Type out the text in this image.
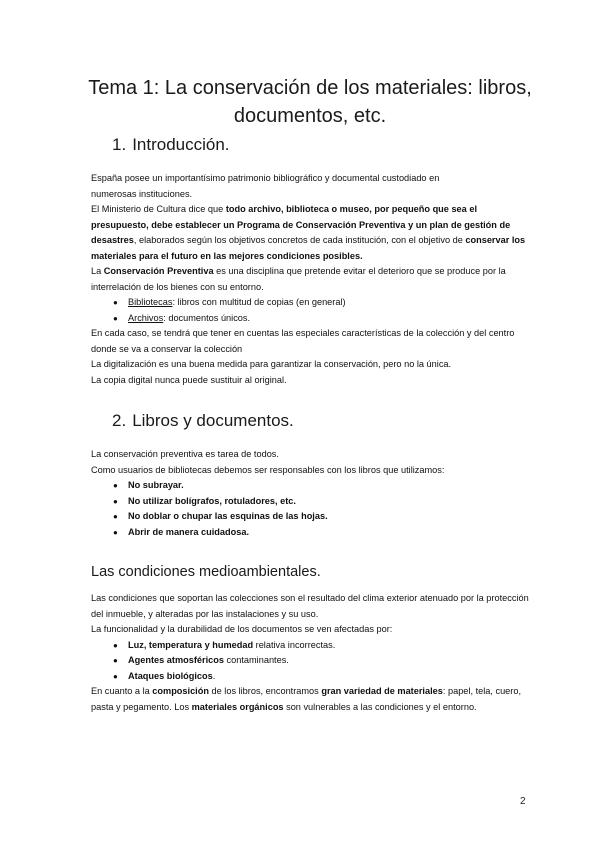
Tema 1: La conservación de los materiales: libros,
documentos, etc.
1. Introducción.

España posee un importantísimo patrimonio bibliográfico y documental custodiado en
numerosas instituciones.

El Ministerio de Cultura dice que todo archivo, biblioteca o museo, por pequeño que sea el presupuesto, debe establecer un Programa de Conservación Preventiva y un plan de gestión de desastres, elaborados según los objetivos concretos de cada institución, con el objetivo de conservar los materiales para el futuro en las mejores condiciones posibles.

La Conservación Preventiva es una disciplina que pretende evitar el deterioro que se produce por la interrelación de los bienes con su entorno.

● Bibliotecas: libros con multitud de copias (en general)
● Archivos: documentos únicos.

En cada caso, se tendrá que tener en cuentas las especiales características de la colección y del centro donde se va a conservar la colección

La digitalización es una buena medida para garantizar la conservación, pero no la única.

La copia digital nunca puede sustituir al original.

2. Libros y documentos.

La conservación preventiva es tarea de todos.

Como usuarios de bibliotecas debemos ser responsables con los libros que utilizamos:

● No subrayar.
● No utilizar bolígrafos, rotuladores, etc.
● No doblar o chupar las esquinas de las hojas.
● Abrir de manera cuidadosa.
Las condiciones medioambientales.

Las condiciones que soportan las colecciones son el resultado del clima exterior atenuado por la protección del inmueble, y alteradas por las instalaciones y su uso.

La funcionalidad y la durabilidad de los documentos se ven afectadas por:

● Luz, temperatura y humedad relativa incorrectas.
● Agentes atmosféricos contaminantes.
● Ataques biológicos.

En cuanto a la composición de los libros, encontramos gran variedad de materiales: papel, tela, cuero, pasta y pegamento. Los materiales orgánicos son vulnerables a las condiciones y el entorno.

2
